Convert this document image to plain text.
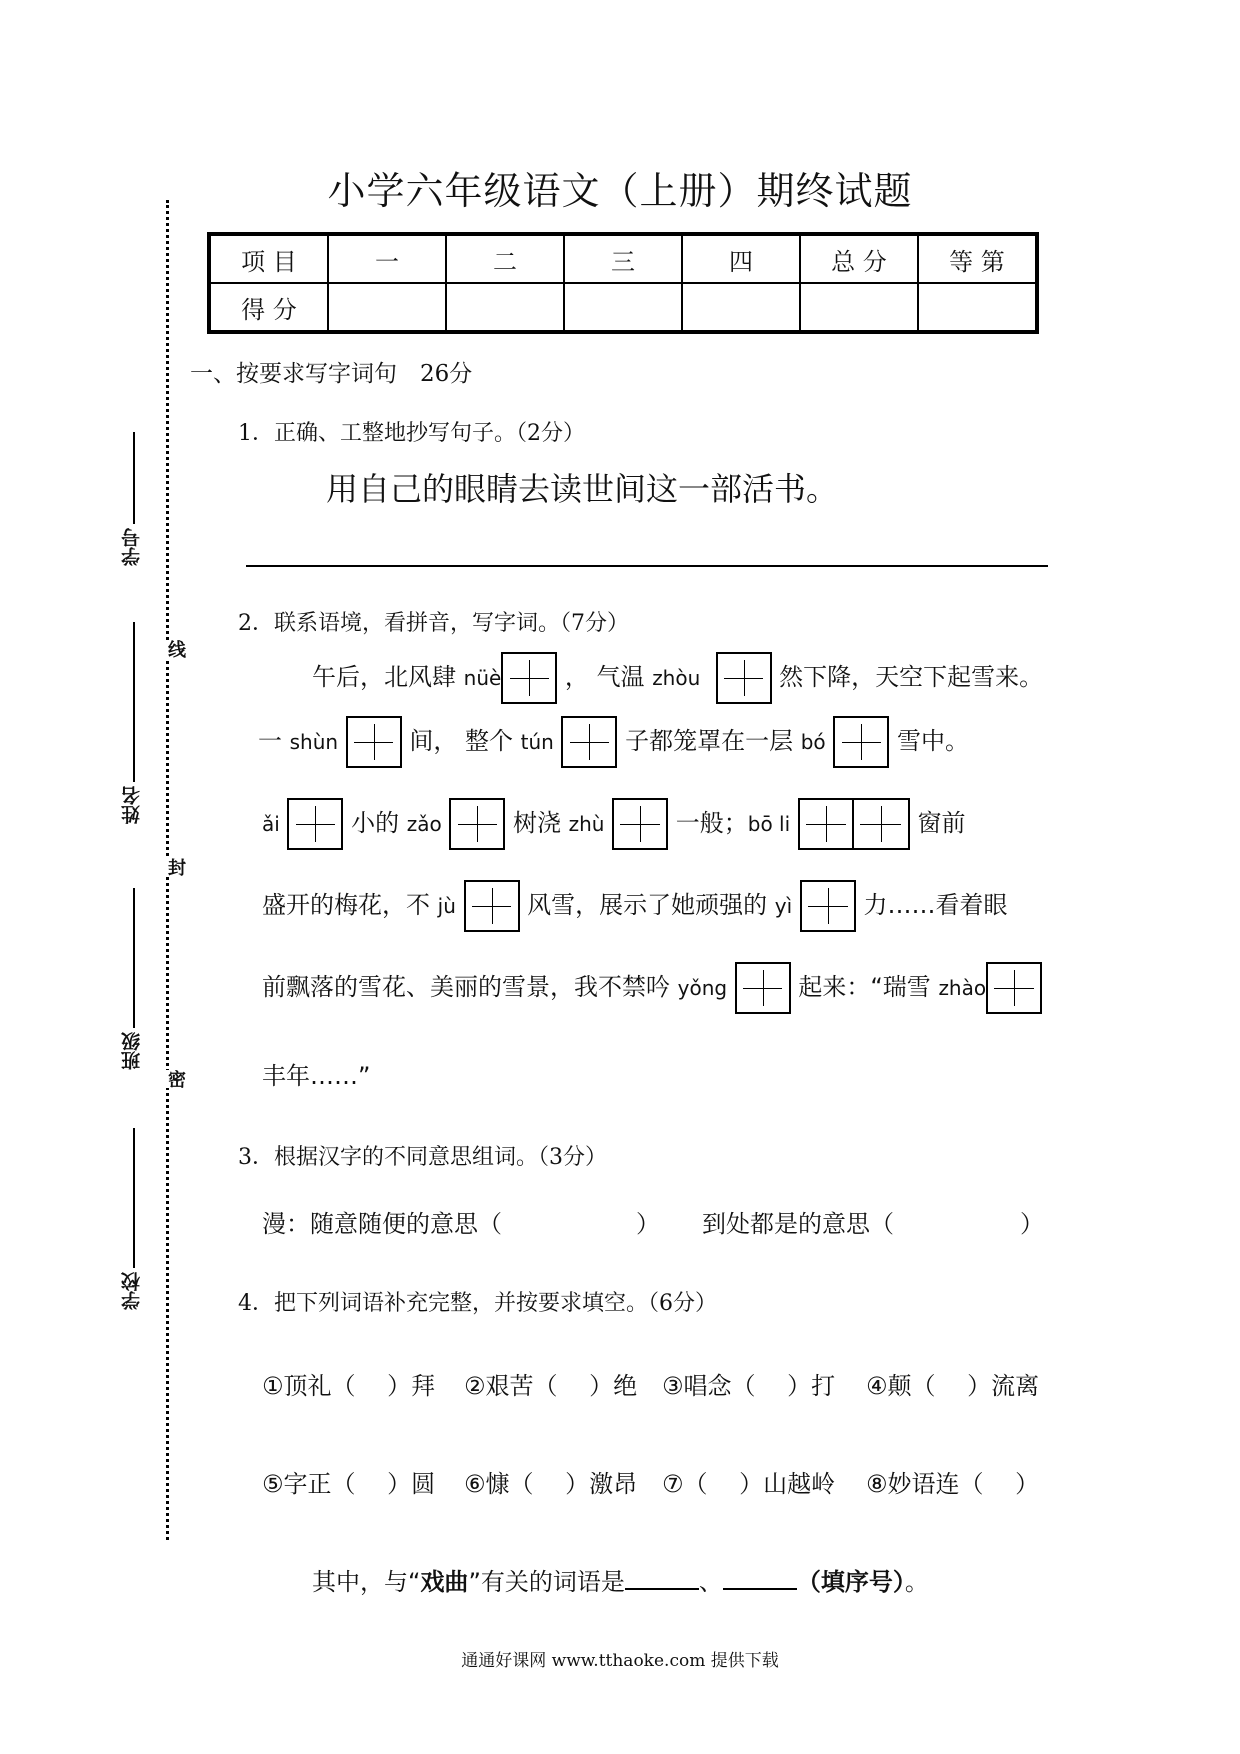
小学六年级语文（上册）期终试题
项 目	一	二	三	四	总 分	等 第
得 分						
学号
姓名
班级
学校
线
封
密
一、按要求写字词句　26分
1．正确、工整地抄写句子。（2分）
用自己的眼睛去读世间这一部活书。
2．联系语境，看拼音，写字词。（7分）
午后，北风肆 nüè ， 气温 zhòu	然下降，天空下起雪来。
一 shùn	间， 整个 tún	子都笼罩在一层 bó	雪中。
ǎi	小的 zǎo	树浇 zhù	一般；bō li	窗前
盛开的梅花，不 jù	风雪，展示了她顽强的 yì	力……看着眼
前飘落的雪花、美丽的雪景，我不禁吟 yǒng	起来：“瑞雪 zhào
丰年……”
3．根据汉字的不同意思组词。（3分）
漫：随意随便的意思（	） 到处都是的意思（	）
4．把下列词语补充完整，并按要求填空。（6分）
①顶礼（　 ）拜 ②艰苦（　 ）绝 ③唱念（　 ）打 ④颠（　 ）流离
⑤字正（　 ）圆 ⑥慷（　 ）激昂 ⑦（　 ）山越岭 ⑧妙语连（　 ）
其中，与“戏曲”有关的词语是	、	（填序号）。
通通好课网 www.tthaoke.com 提供下载
